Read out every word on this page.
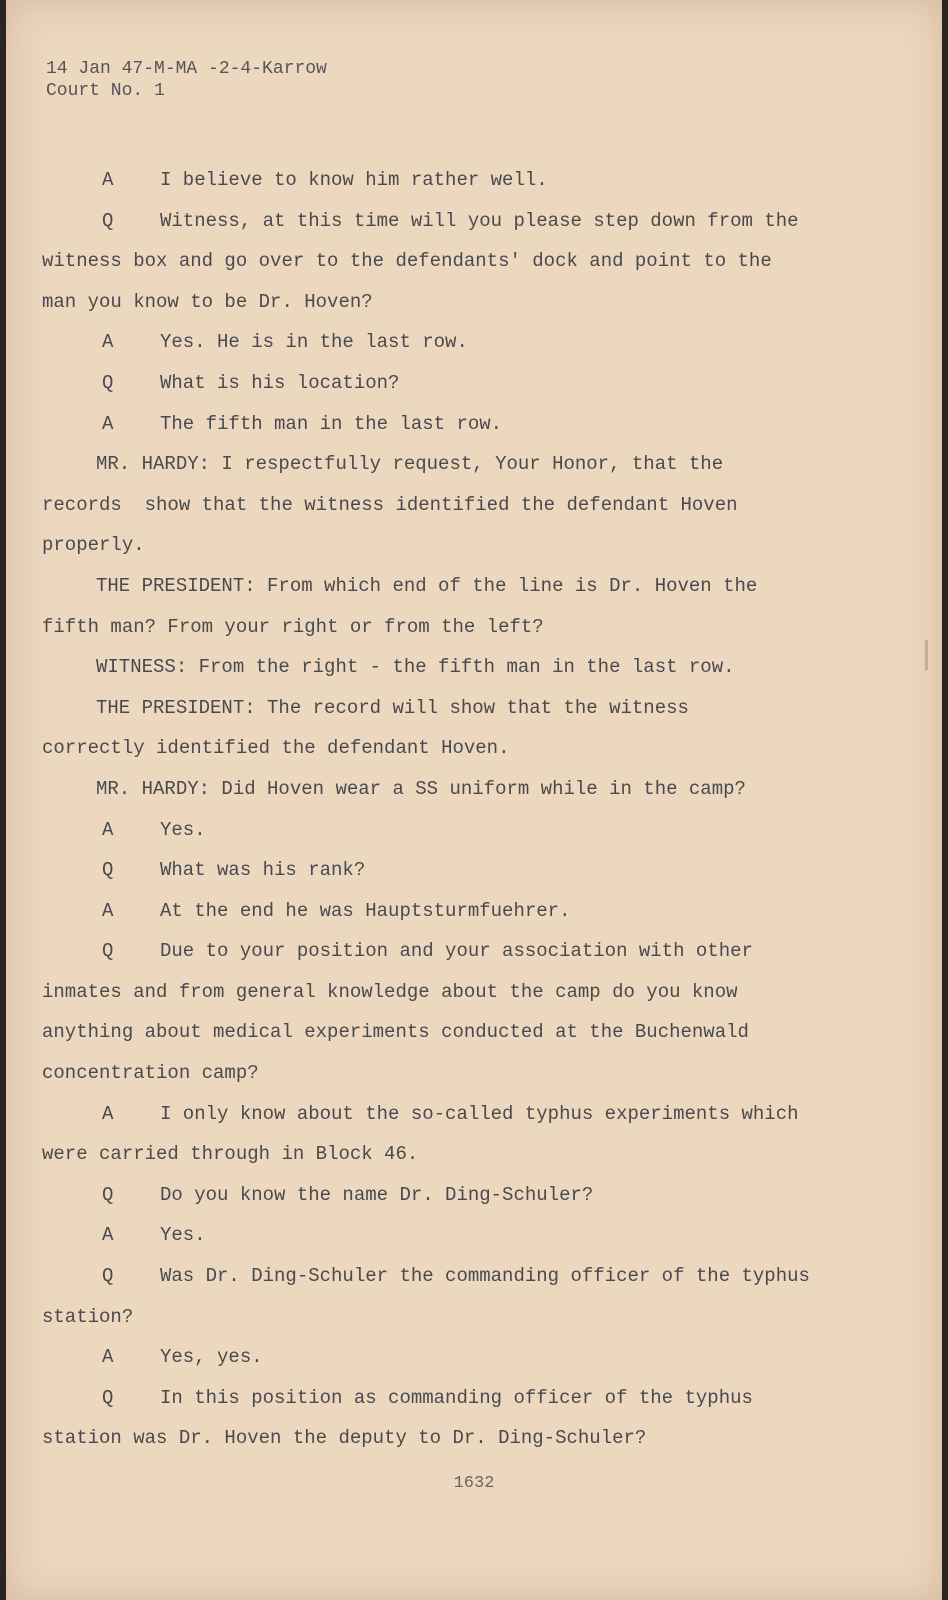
14 Jan 47-M-MA -2-4-Karrow
Court No. 1
A I believe to know him rather well.
Q Witness, at this time will you please step down from the
witness box and go over to the defendants' dock and point to the
man you know to be Dr. Hoven?
A Yes. He is in the last row.
Q What is his location?
A The fifth man in the last row.
MR. HARDY: I respectfully request, Your Honor, that the
records  show that the witness identified the defendant Hoven
properly.
THE PRESIDENT: From which end of the line is Dr. Hoven the
fifth man? From your right or from the left?
WITNESS: From the right - the fifth man in the last row.
THE PRESIDENT: The record will show that the witness
correctly identified the defendant Hoven.
MR. HARDY: Did Hoven wear a SS uniform while in the camp?
A Yes.
Q What was his rank?
A At the end he was Hauptsturmfuehrer.
Q Due to your position and your association with other
inmates and from general knowledge about the camp do you know
anything about medical experiments conducted at the Buchenwald
concentration camp?
A I only know about the so-called typhus experiments which
were carried through in Block 46.
Q Do you know the name Dr. Ding-Schuler?
A Yes.
Q Was Dr. Ding-Schuler the commanding officer of the typhus
station?
A Yes, yes.
Q In this position as commanding officer of the typhus
station was Dr. Hoven the deputy to Dr. Ding-Schuler?
1632
